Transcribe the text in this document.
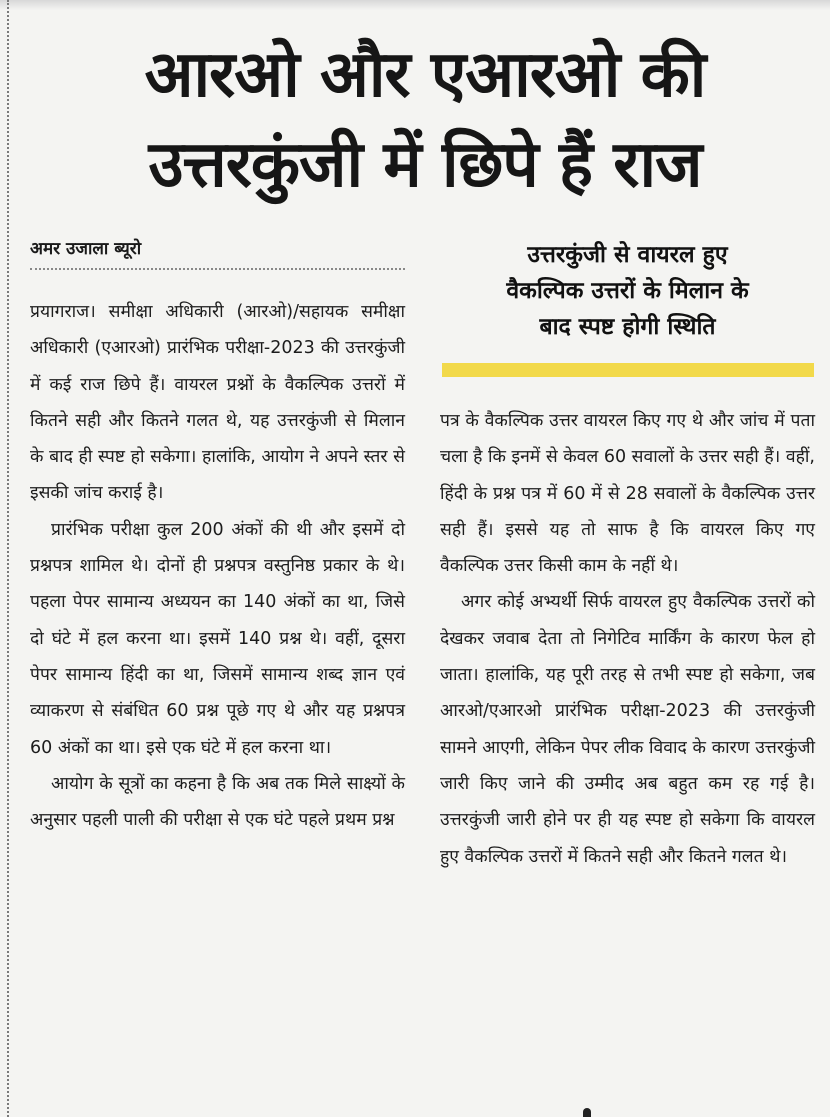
आरओ और एआरओ की
उत्तरकुंजी में छिपे हैं राज
अमर उजाला ब्यूरो	उत्तरकुंजी से वायरल हुए
वैकल्पिक उत्तरों के मिलान के
बाद स्पष्ट होगी स्थिति

प्रयागराज। समीक्षा अधिकारी (आरओ)/सहायक समीक्षा अधिकारी (एआरओ) प्रारंभिक परीक्षा-2023 की उत्तरकुंजी में कई राज छिपे हैं। वायरल प्रश्नों के वैकल्पिक उत्तरों में कितने सही और कितने गलत थे, यह उत्तरकुंजी से मिलान के बाद ही स्पष्ट हो सकेगा। हालांकि, आयोग ने अपने स्तर से इसकी जांच कराई है।

प्रारंभिक परीक्षा कुल 200 अंकों की थी और इसमें दो प्रश्नपत्र शामिल थे। दोनों ही प्रश्नपत्र वस्तुनिष्ठ प्रकार के थे। पहला पेपर सामान्य अध्ययन का 140 अंकों का था, जिसे दो घंटे में हल करना था। इसमें 140 प्रश्न थे। वहीं, दूसरा पेपर सामान्य हिंदी का था, जिसमें सामान्य शब्द ज्ञान एवं व्याकरण से संबंधित 60 प्रश्न पूछे गए थे और यह प्रश्नपत्र 60 अंकों का था। इसे एक घंटे में हल करना था।

आयोग के सूत्रों का कहना है कि अब तक मिले साक्ष्यों के अनुसार पहली पाली की परीक्षा से एक घंटे पहले प्रथम प्रश्न

पत्र के वैकल्पिक उत्तर वायरल किए गए थे और जांच में पता चला है कि इनमें से केवल 60 सवालों के उत्तर सही हैं। वहीं, हिंदी के प्रश्न पत्र में 60 में से 28 सवालों के वैकल्पिक उत्तर सही हैं। इससे यह तो साफ है कि वायरल किए गए वैकल्पिक उत्तर किसी काम के नहीं थे।

अगर कोई अभ्यर्थी सिर्फ वायरल हुए वैकल्पिक उत्तरों को देखकर जवाब देता तो निगेटिव मार्किंग के कारण फेल हो जाता। हालांकि, यह पूरी तरह से तभी स्पष्ट हो सकेगा, जब आरओ/एआरओ प्रारंभिक परीक्षा-2023 की उत्तरकुंजी सामने आएगी, लेकिन पेपर लीक विवाद के कारण उत्तरकुंजी जारी किए जाने की उम्मीद अब बहुत कम रह गई है। उत्तरकुंजी जारी होने पर ही यह स्पष्ट हो सकेगा कि वायरल हुए वैकल्पिक उत्तरों में कितने सही और कितने गलत थे।
